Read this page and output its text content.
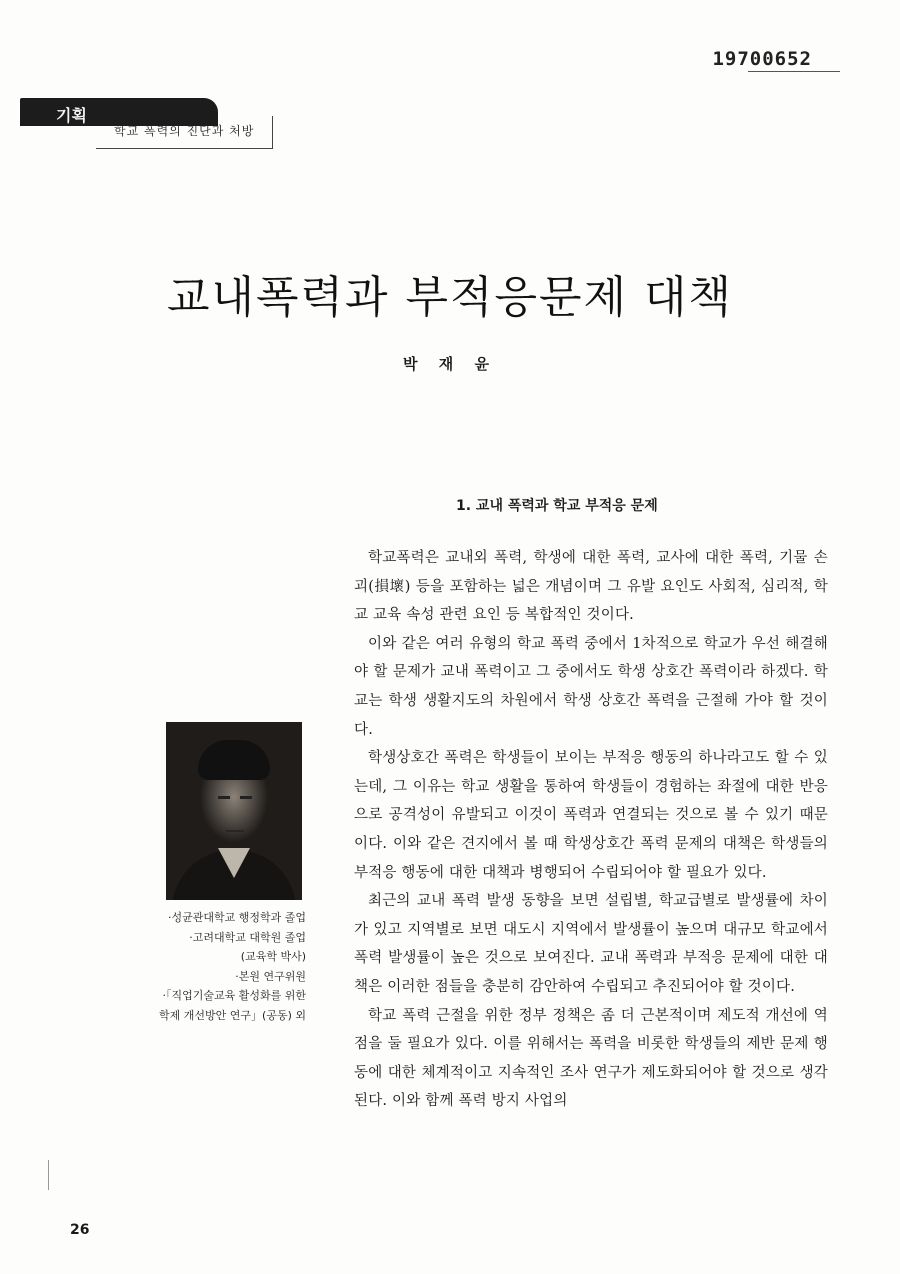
19700652
기획
학교 폭력의 진단과 처방
교내폭력과 부적응문제 대책
박 재 윤
1. 교내 폭력과 학교 부적응 문제

학교폭력은 교내외 폭력, 학생에 대한 폭력, 교사에 대한 폭력, 기물 손괴(損壞) 등을 포함하는 넓은 개념이며 그 유발 요인도 사회적, 심리적, 학교 교육 속성 관련 요인 등 복합적인 것이다.

이와 같은 여러 유형의 학교 폭력 중에서 1차적으로 학교가 우선 해결해야 할 문제가 교내 폭력이고 그 중에서도 학생 상호간 폭력이라 하겠다. 학교는 학생 생활지도의 차원에서 학생 상호간 폭력을 근절해 가야 할 것이다.

학생상호간 폭력은 학생들이 보이는 부적응 행동의 하나라고도 할 수 있는데, 그 이유는 학교 생활을 통하여 학생들이 경험하는 좌절에 대한 반응으로 공격성이 유발되고 이것이 폭력과 연결되는 것으로 볼 수 있기 때문이다. 이와 같은 견지에서 볼 때 학생상호간 폭력 문제의 대책은 학생들의 부적응 행동에 대한 대책과 병행되어 수립되어야 할 필요가 있다.

최근의 교내 폭력 발생 동향을 보면 설립별, 학교급별로 발생률에 차이가 있고 지역별로 보면 대도시 지역에서 발생률이 높으며 대규모 학교에서 폭력 발생률이 높은 것으로 보여진다. 교내 폭력과 부적응 문제에 대한 대책은 이러한 점들을 충분히 감안하여 수립되고 추진되어야 할 것이다.

학교 폭력 근절을 위한 정부 정책은 좀 더 근본적이며 제도적 개선에 역점을 둘 필요가 있다. 이를 위해서는 폭력을 비롯한 학생들의 제반 문제 행동에 대한 체계적이고 지속적인 조사 연구가 제도화되어야 할 것으로 생각된다. 이와 함께 폭력 방지 사업의

·성균관대학교 행정학과 졸업
·고려대학교 대학원 졸업
(교육학 박사)
·본원 연구위원
·「직업기술교육 활성화를 위한
학제 개선방안 연구」(공동) 외
26
